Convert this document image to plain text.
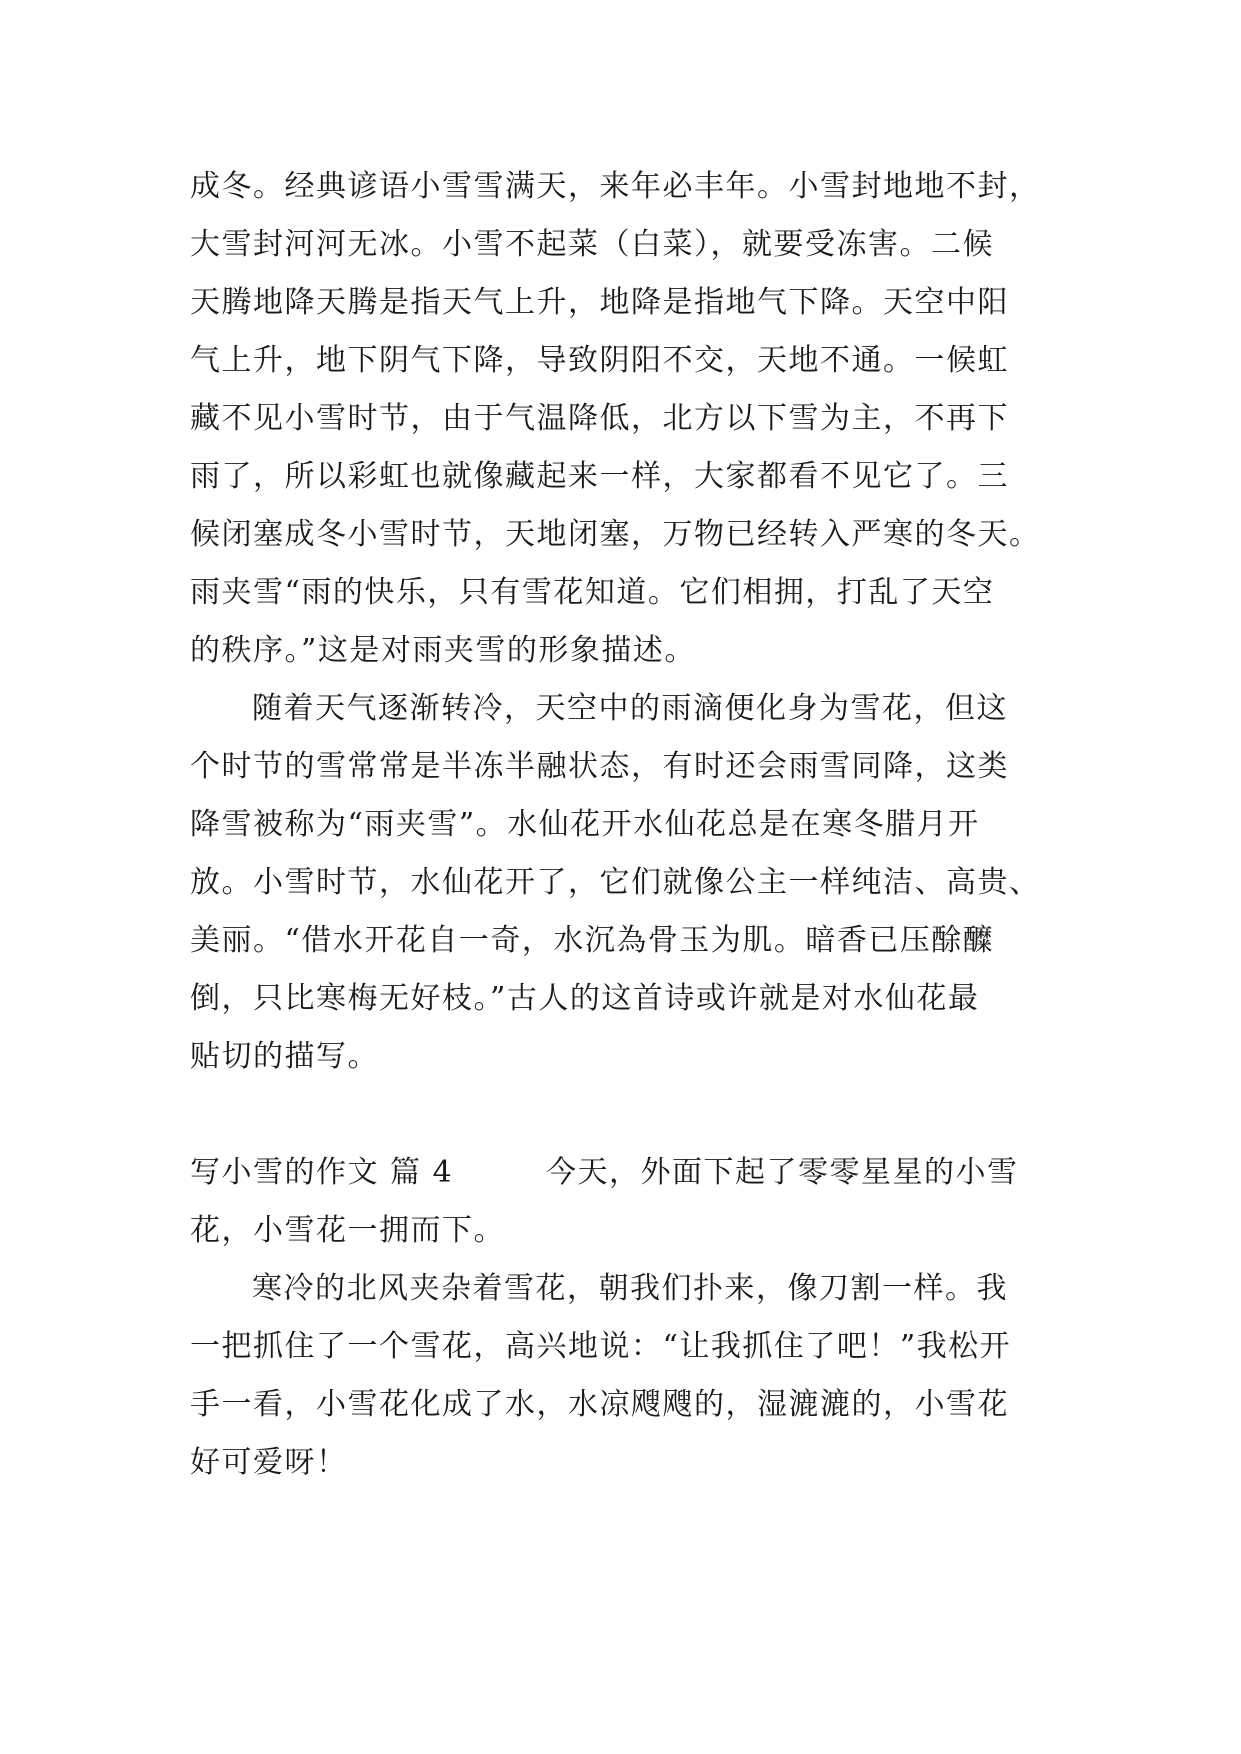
成冬。经典谚语小雪雪满天，来年必丰年。小雪封地地不封，
大雪封河河无冰。小雪不起菜（白菜），就要受冻害。二候
天腾地降天腾是指天气上升，地降是指地气下降。天空中阳
气上升，地下阴气下降，导致阴阳不交，天地不通。一候虹
藏不见小雪时节，由于气温降低，北方以下雪为主，不再下
雨了，所以彩虹也就像藏起来一样，大家都看不见它了。三
候闭塞成冬小雪时节，天地闭塞，万物已经转入严寒的冬天。
雨夹雪“雨的快乐，只有雪花知道。它们相拥，打乱了天空
的秩序。”这是对雨夹雪的形象描述。
随着天气逐渐转冷，天空中的雨滴便化身为雪花，但这
个时节的雪常常是半冻半融状态，有时还会雨雪同降，这类
降雪被称为“雨夹雪”。水仙花开水仙花总是在寒冬腊月开
放。小雪时节，水仙花开了，它们就像公主一样纯洁、高贵、
美丽。“借水开花自一奇，水沉為骨玉为肌。暗香已压酴醾
倒，只比寒梅无好枝。”古人的这首诗或许就是对水仙花最
贴切的描写。
写小雪的作文 篇 4	今天，外面下起了零零星星的小雪
花，小雪花一拥而下。
寒冷的北风夹杂着雪花，朝我们扑来，像刀割一样。我
一把抓住了一个雪花，高兴地说：“让我抓住了吧！”我松开
手一看，小雪花化成了水，水凉飕飕的，湿漉漉的，小雪花
好可爱呀！
